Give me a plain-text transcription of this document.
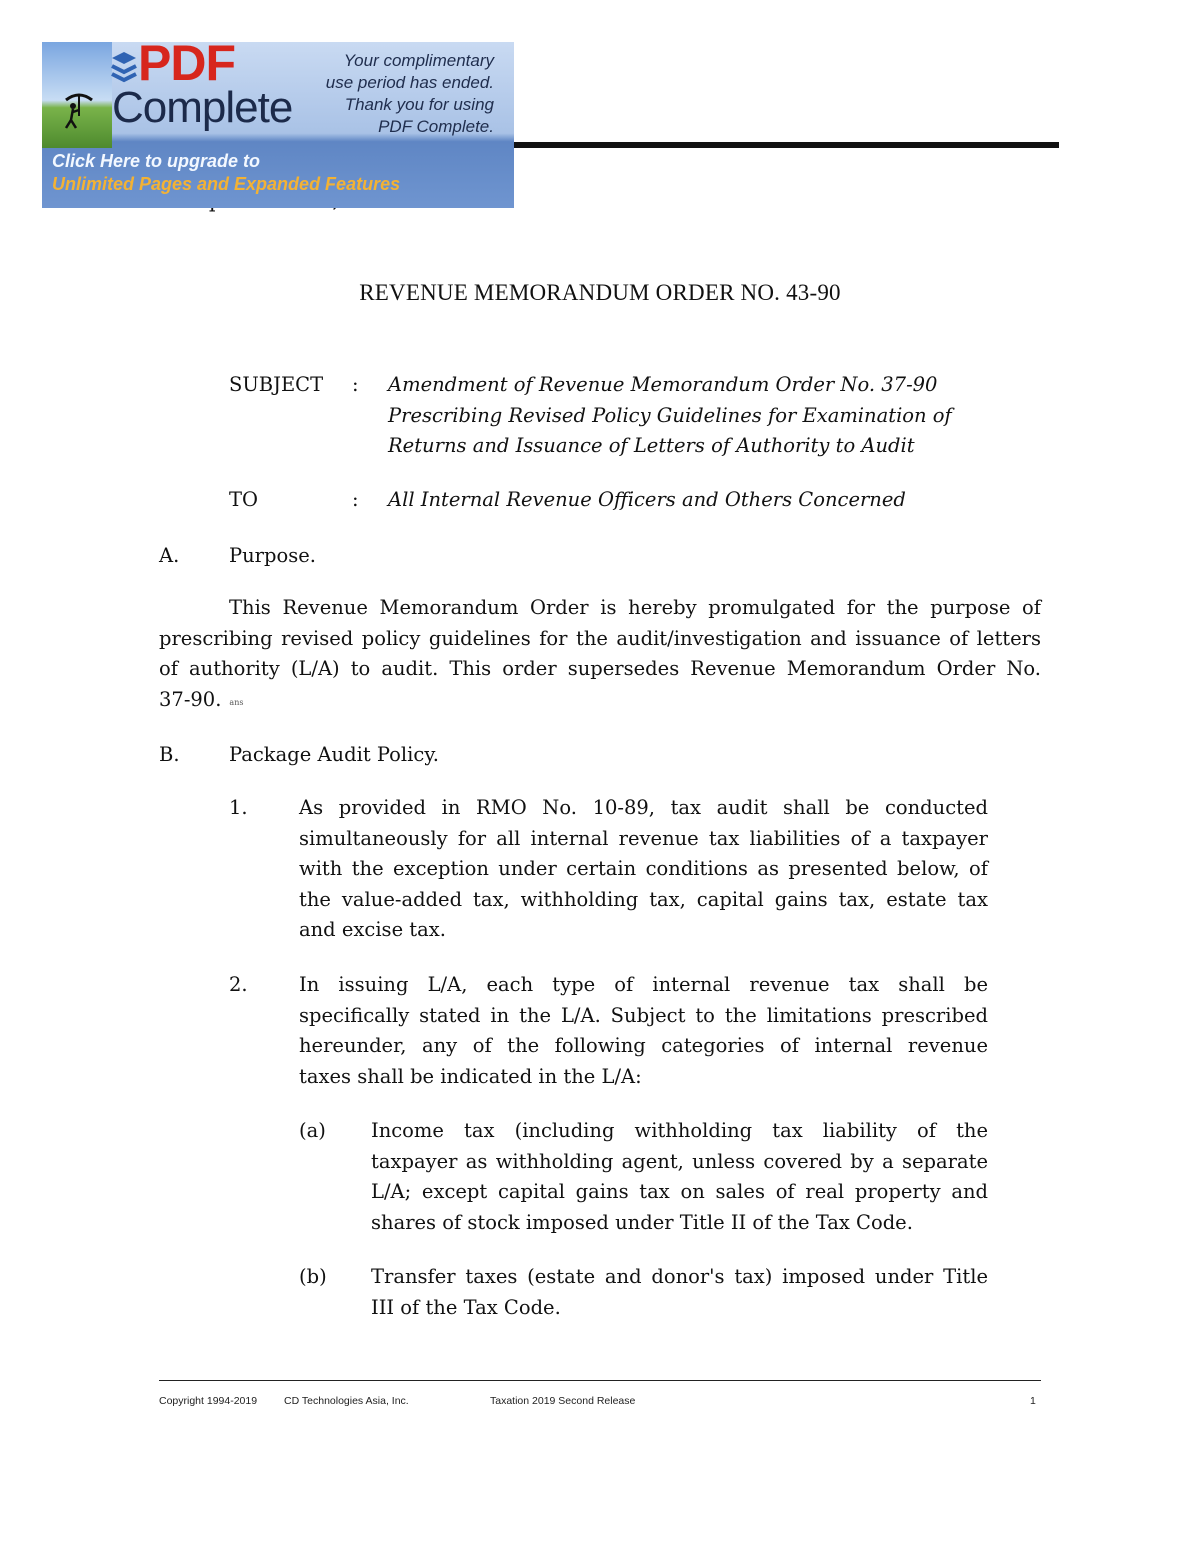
PDF
Complete
Your complimentary
use period has ended.
Thank you for using
PDF Complete.
Click Here to upgrade to
Unlimited Pages and Expanded Features
REVENUE MEMORANDUM ORDER NO. 43-90
SUBJECT : Amendment of Revenue Memorandum Order No. 37-90
Prescribing Revised Policy Guidelines for Examination of
Returns and Issuance of Letters of Authority to Audit
TO	: All Internal Revenue Officers and Others Concerned
A.	Purpose.
This Revenue Memorandum Order is hereby promulgated for the purpose of
prescribing revised policy guidelines for the audit/investigation and issuance of letters
of authority (L/A) to audit. This order supersedes Revenue Memorandum Order No.
37-90. ans
B.	Package Audit Policy.
1.	As provided in RMO No. 10-89, tax audit shall be conducted
simultaneously for all internal revenue tax liabilities of a taxpayer
with the exception under certain conditions as presented below, of
the value-added tax, withholding tax, capital gains tax, estate tax
and excise tax.
2.	In issuing L/A, each type of internal revenue tax shall be
specifically stated in the L/A. Subject to the limitations prescribed
hereunder, any of the following categories of internal revenue
taxes shall be indicated in the L/A:
(a) Income tax (including withholding tax liability of the
taxpayer as withholding agent, unless covered by a separate
L/A; except capital gains tax on sales of real property and
shares of stock imposed under Title II of the Tax Code.
(b) Transfer taxes (estate and donor's tax) imposed under Title
III of the Tax Code.
Copyright 1994-2019	CD Technologies Asia, Inc.	Taxation 2019 Second Release	1
